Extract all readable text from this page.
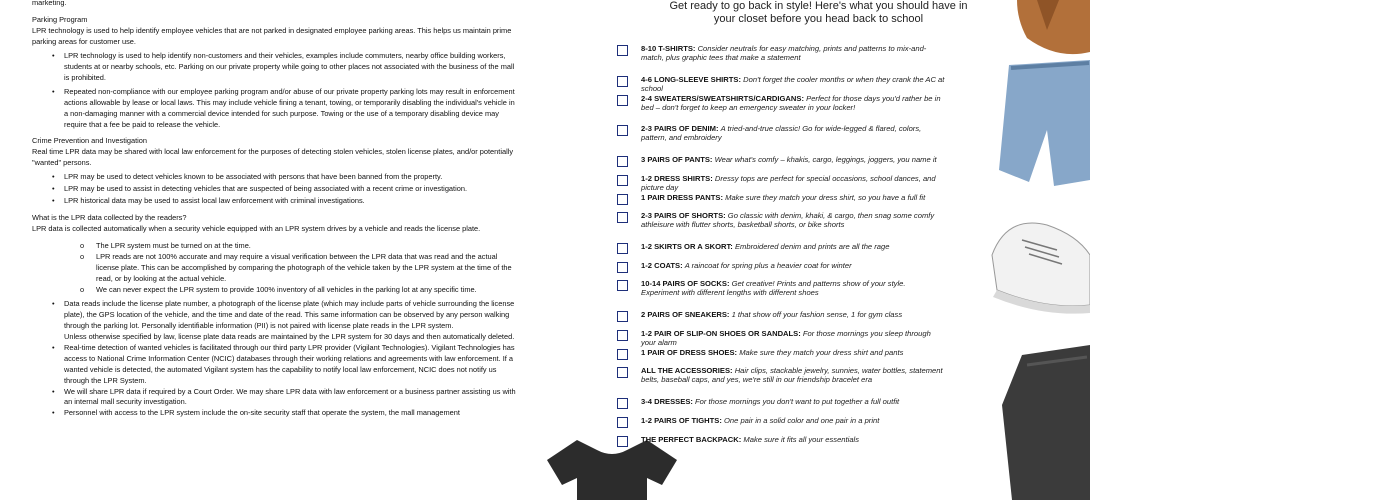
marketing.

Parking Program

LPR technology is used to help identify employee vehicles that are not parked in designated employee parking areas. This helps us maintain prime parking areas for customer use.

• LPR technology is used to help identify non-customers and their vehicles, examples include commuters, nearby office building workers, students at or nearby schools, etc. Parking on our private property while going to other places not associated with the business of the mall is prohibited.
• Repeated non-compliance with our employee parking program and/or abuse of our private property parking lots may result in enforcement actions allowable by lease or local laws. This may include vehicle fining a tenant, towing, or temporarily disabling the individual's vehicle in a non-damaging manner with a commercial device intended for such purpose. Towing or the use of a temporary disabling device may require that a fee be paid to release the vehicle.

Crime Prevention and Investigation

Real time LPR data may be shared with local law enforcement for the purposes of detecting stolen vehicles, stolen license plates, and/or potentially "wanted" persons.

• LPR may be used to detect vehicles known to be associated with persons that have been banned from the property.
• LPR may be used to assist in detecting vehicles that are suspected of being associated with a recent crime or investigation.
• LPR historical data may be used to assist local law enforcement with criminal investigations.

What is the LPR data collected by the readers?

LPR data is collected automatically when a security vehicle equipped with an LPR system drives by a vehicle and reads the license plate.

o The LPR system must be turned on at the time.
o LPR reads are not 100% accurate and may require a visual verification between the LPR data that was read and the actual license plate. This can be accomplished by comparing the photograph of the vehicle taken by the LPR system at the time of the read, or by looking at the actual vehicle.
o We can never expect the LPR system to provide 100% inventory of all vehicles in the parking lot at any specific time.
• Data reads include the license plate number, a photograph of the license plate (which may include parts of vehicle surrounding the license plate), the GPS location of the vehicle, and the time and date of the read. This same information can be observed by any person walking through the parking lot. Personally identifiable information (PII) is not paired with license plate reads in the LPR system.
Unless otherwise specified by law, license plate data reads are maintained by the LPR system for 30 days and then automatically deleted.
• Real-time detection of wanted vehicles is facilitated through our third party LPR provider (Vigilant Technologies). Vigilant Technologies has access to National Crime Information Center (NCIC) databases through their working relations and agreements with law enforcement. If a wanted vehicle is detected, the automated Vigilant system has the capability to notify local law enforcement, NCIC does not notify us through the LPR System.
• We will share LPR data if required by a Court Order. We may share LPR data with law enforcement or a business partner assisting us with an internal mall security investigation.
• Personnel with access to the LPR system include the on-site security staff that operate the system, the mall management
Get ready to go back in style! Here's what you should have in
your closet before you head back to school
8-10 T-SHIRTS: Consider neutrals for easy matching, prints and patterns to mix-and-match, plus graphic tees that make a statement
4-6 LONG-SLEEVE SHIRTS: Don't forget the cooler months or when they crank the AC at school
2-4 SWEATERS/SWEATSHIRTS/CARDIGANS: Perfect for those days you'd rather be in bed – don't forget to keep an emergency sweater in your locker!
2-3 PAIRS OF DENIM: A tried-and-true classic! Go for wide-legged & flared, colors, pattern, and embroidery
3 PAIRS OF PANTS: Wear what's comfy – khakis, cargo, leggings, joggers, you name it
1-2 DRESS SHIRTS: Dressy tops are perfect for special occasions, school dances, and picture day
1 PAIR DRESS PANTS: Make sure they match your dress shirt, so you have a full fit
2-3 PAIRS OF SHORTS: Go classic with denim, khaki, & cargo, then snag some comfy athleisure with flutter shorts, basketball shorts, or bike shorts
1-2 SKIRTS OR A SKORT: Embroidered denim and prints are all the rage
1-2 COATS: A raincoat for spring plus a heavier coat for winter
10-14 PAIRS OF SOCKS: Get creative! Prints and patterns show of your style. Experiment with different lengths with different shoes
2 PAIRS OF SNEAKERS: 1 that show off your fashion sense, 1 for gym class
1-2 PAIR OF SLIP-ON SHOES OR SANDALS: For those mornings you sleep through your alarm
1 PAIR OF DRESS SHOES: Make sure they match your dress shirt and pants
ALL THE ACCESSORIES: Hair clips, stackable jewelry, sunnies, water bottles, statement belts, baseball caps, and yes, we're still in our friendship bracelet era
3-4 DRESSES: For those mornings you don't want to put together a full outfit
1-2 PAIRS OF TIGHTS: One pair in a solid color and one pair in a print
THE PERFECT BACKPACK: Make sure it fits all your essentials
